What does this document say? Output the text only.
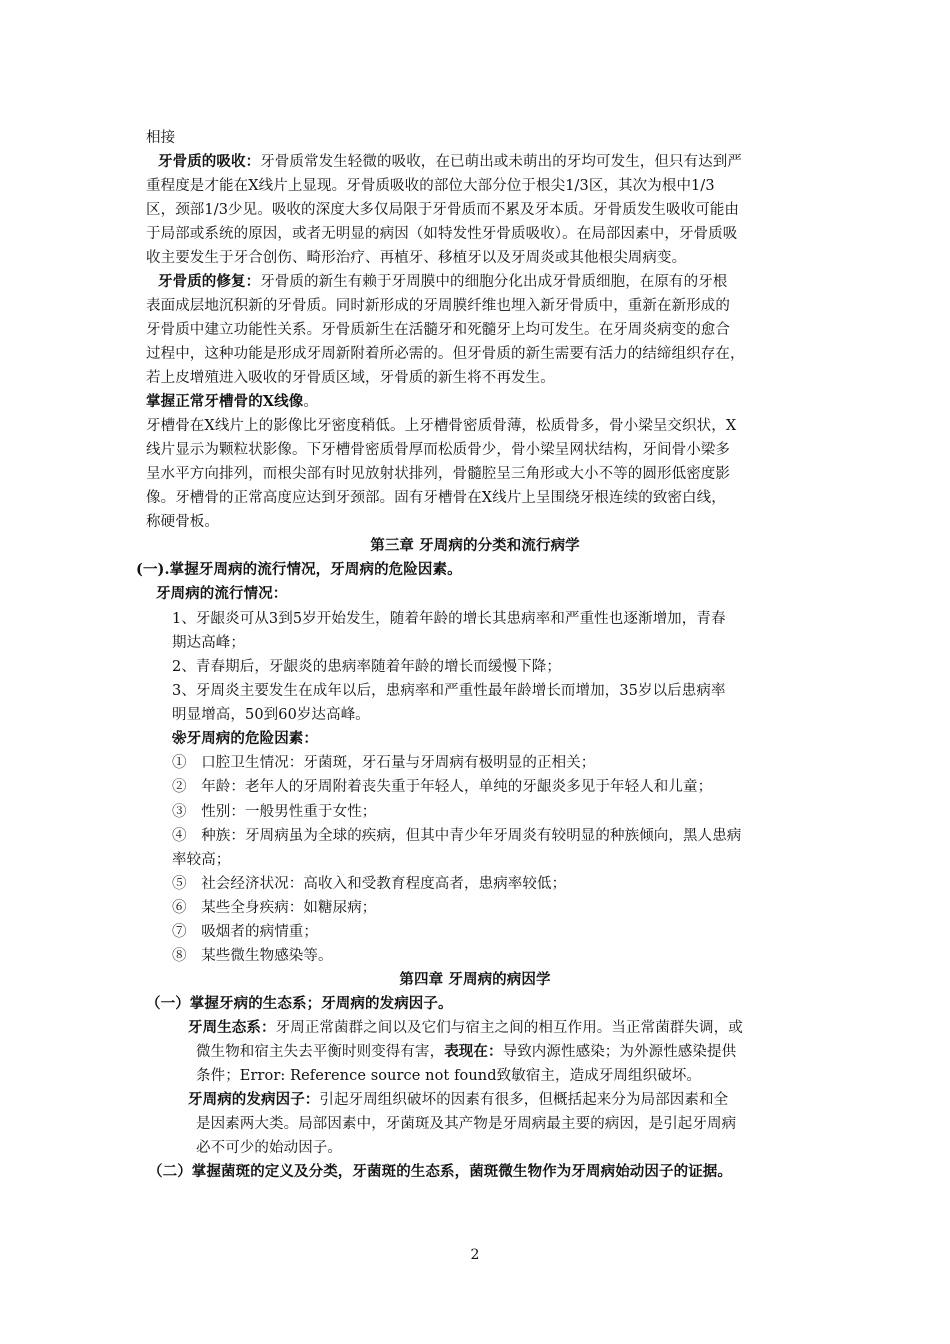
相接
牙骨质的吸收：牙骨质常发生轻微的吸收，在已萌出或未萌出的牙均可发生，但只有达到严
重程度是才能在X线片上显现。牙骨质吸收的部位大部分位于根尖1/3区，其次为根中1/3
区，颈部1/3少见。吸收的深度大多仅局限于牙骨质而不累及牙本质。牙骨质发生吸收可能由
于局部或系统的原因，或者无明显的病因（如特发性牙骨质吸收）。在局部因素中，牙骨质吸
收主要发生于牙合创伤、畸形治疗、再植牙、移植牙以及牙周炎或其他根尖周病变。
牙骨质的修复：牙骨质的新生有赖于牙周膜中的细胞分化出成牙骨质细胞，在原有的牙根
表面成层地沉积新的牙骨质。同时新形成的牙周膜纤维也埋入新牙骨质中，重新在新形成的
牙骨质中建立功能性关系。牙骨质新生在活髓牙和死髓牙上均可发生。在牙周炎病变的愈合
过程中，这种功能是形成牙周新附着所必需的。但牙骨质的新生需要有活力的结缔组织存在，
若上皮增殖进入吸收的牙骨质区域，牙骨质的新生将不再发生。
掌握正常牙槽骨的X线像。
牙槽骨在X线片上的影像比牙密度稍低。上牙槽骨密质骨薄，松质骨多，骨小梁呈交织状，X
线片显示为颗粒状影像。下牙槽骨密质骨厚而松质骨少，骨小梁呈网状结构，牙间骨小梁多
呈水平方向排列，而根尖部有时见放射状排列，骨髓腔呈三角形或大小不等的圆形低密度影
像。牙槽骨的正常高度应达到牙颈部。固有牙槽骨在X线片上呈围绕牙根连续的致密白线，
称硬骨板。
第三章 牙周病的分类和流行病学
(一).掌握牙周病的流行情况，牙周病的危险因素。
牙周病的流行情况：
1、牙龈炎可从3到5岁开始发生，随着年龄的增长其患病率和严重性也逐渐增加，青春
期达高峰；
2、青春期后，牙龈炎的患病率随着年龄的增长而缓慢下降；
3、牙周炎主要发生在成年以后，患病率和严重性最年龄增长而增加，35岁以后患病率
明显增高，50到60岁达高峰。
❀牙周病的危险因素：
①　口腔卫生情况：牙菌斑，牙石量与牙周病有极明显的正相关；
②　年龄：老年人的牙周附着丧失重于年轻人，单纯的牙龈炎多见于年轻人和儿童；
③　性别：一般男性重于女性；
④　种族：牙周病虽为全球的疾病，但其中青少年牙周炎有较明显的种族倾向，黑人患病
率较高；
⑤　社会经济状况：高收入和受教育程度高者，患病率较低；
⑥　某些全身疾病：如糖尿病；
⑦　吸烟者的病情重；
⑧　某些微生物感染等。
第四章 牙周病的病因学
（一）掌握牙病的生态系；牙周病的发病因子。
牙周生态系：牙周正常菌群之间以及它们与宿主之间的相互作用。当正常菌群失调，或
微生物和宿主失去平衡时则变得有害，表现在：导致内源性感染；为外源性感染提供
条件；Error: Reference source not found致敏宿主，造成牙周组织破坏。
牙周病的发病因子：引起牙周组织破坏的因素有很多，但概括起来分为局部因素和全
是因素两大类。局部因素中，牙菌斑及其产物是牙周病最主要的病因，是引起牙周病
必不可少的始动因子。
（二）掌握菌斑的定义及分类，牙菌斑的生态系，菌斑微生物作为牙周病始动因子的证据。
2
